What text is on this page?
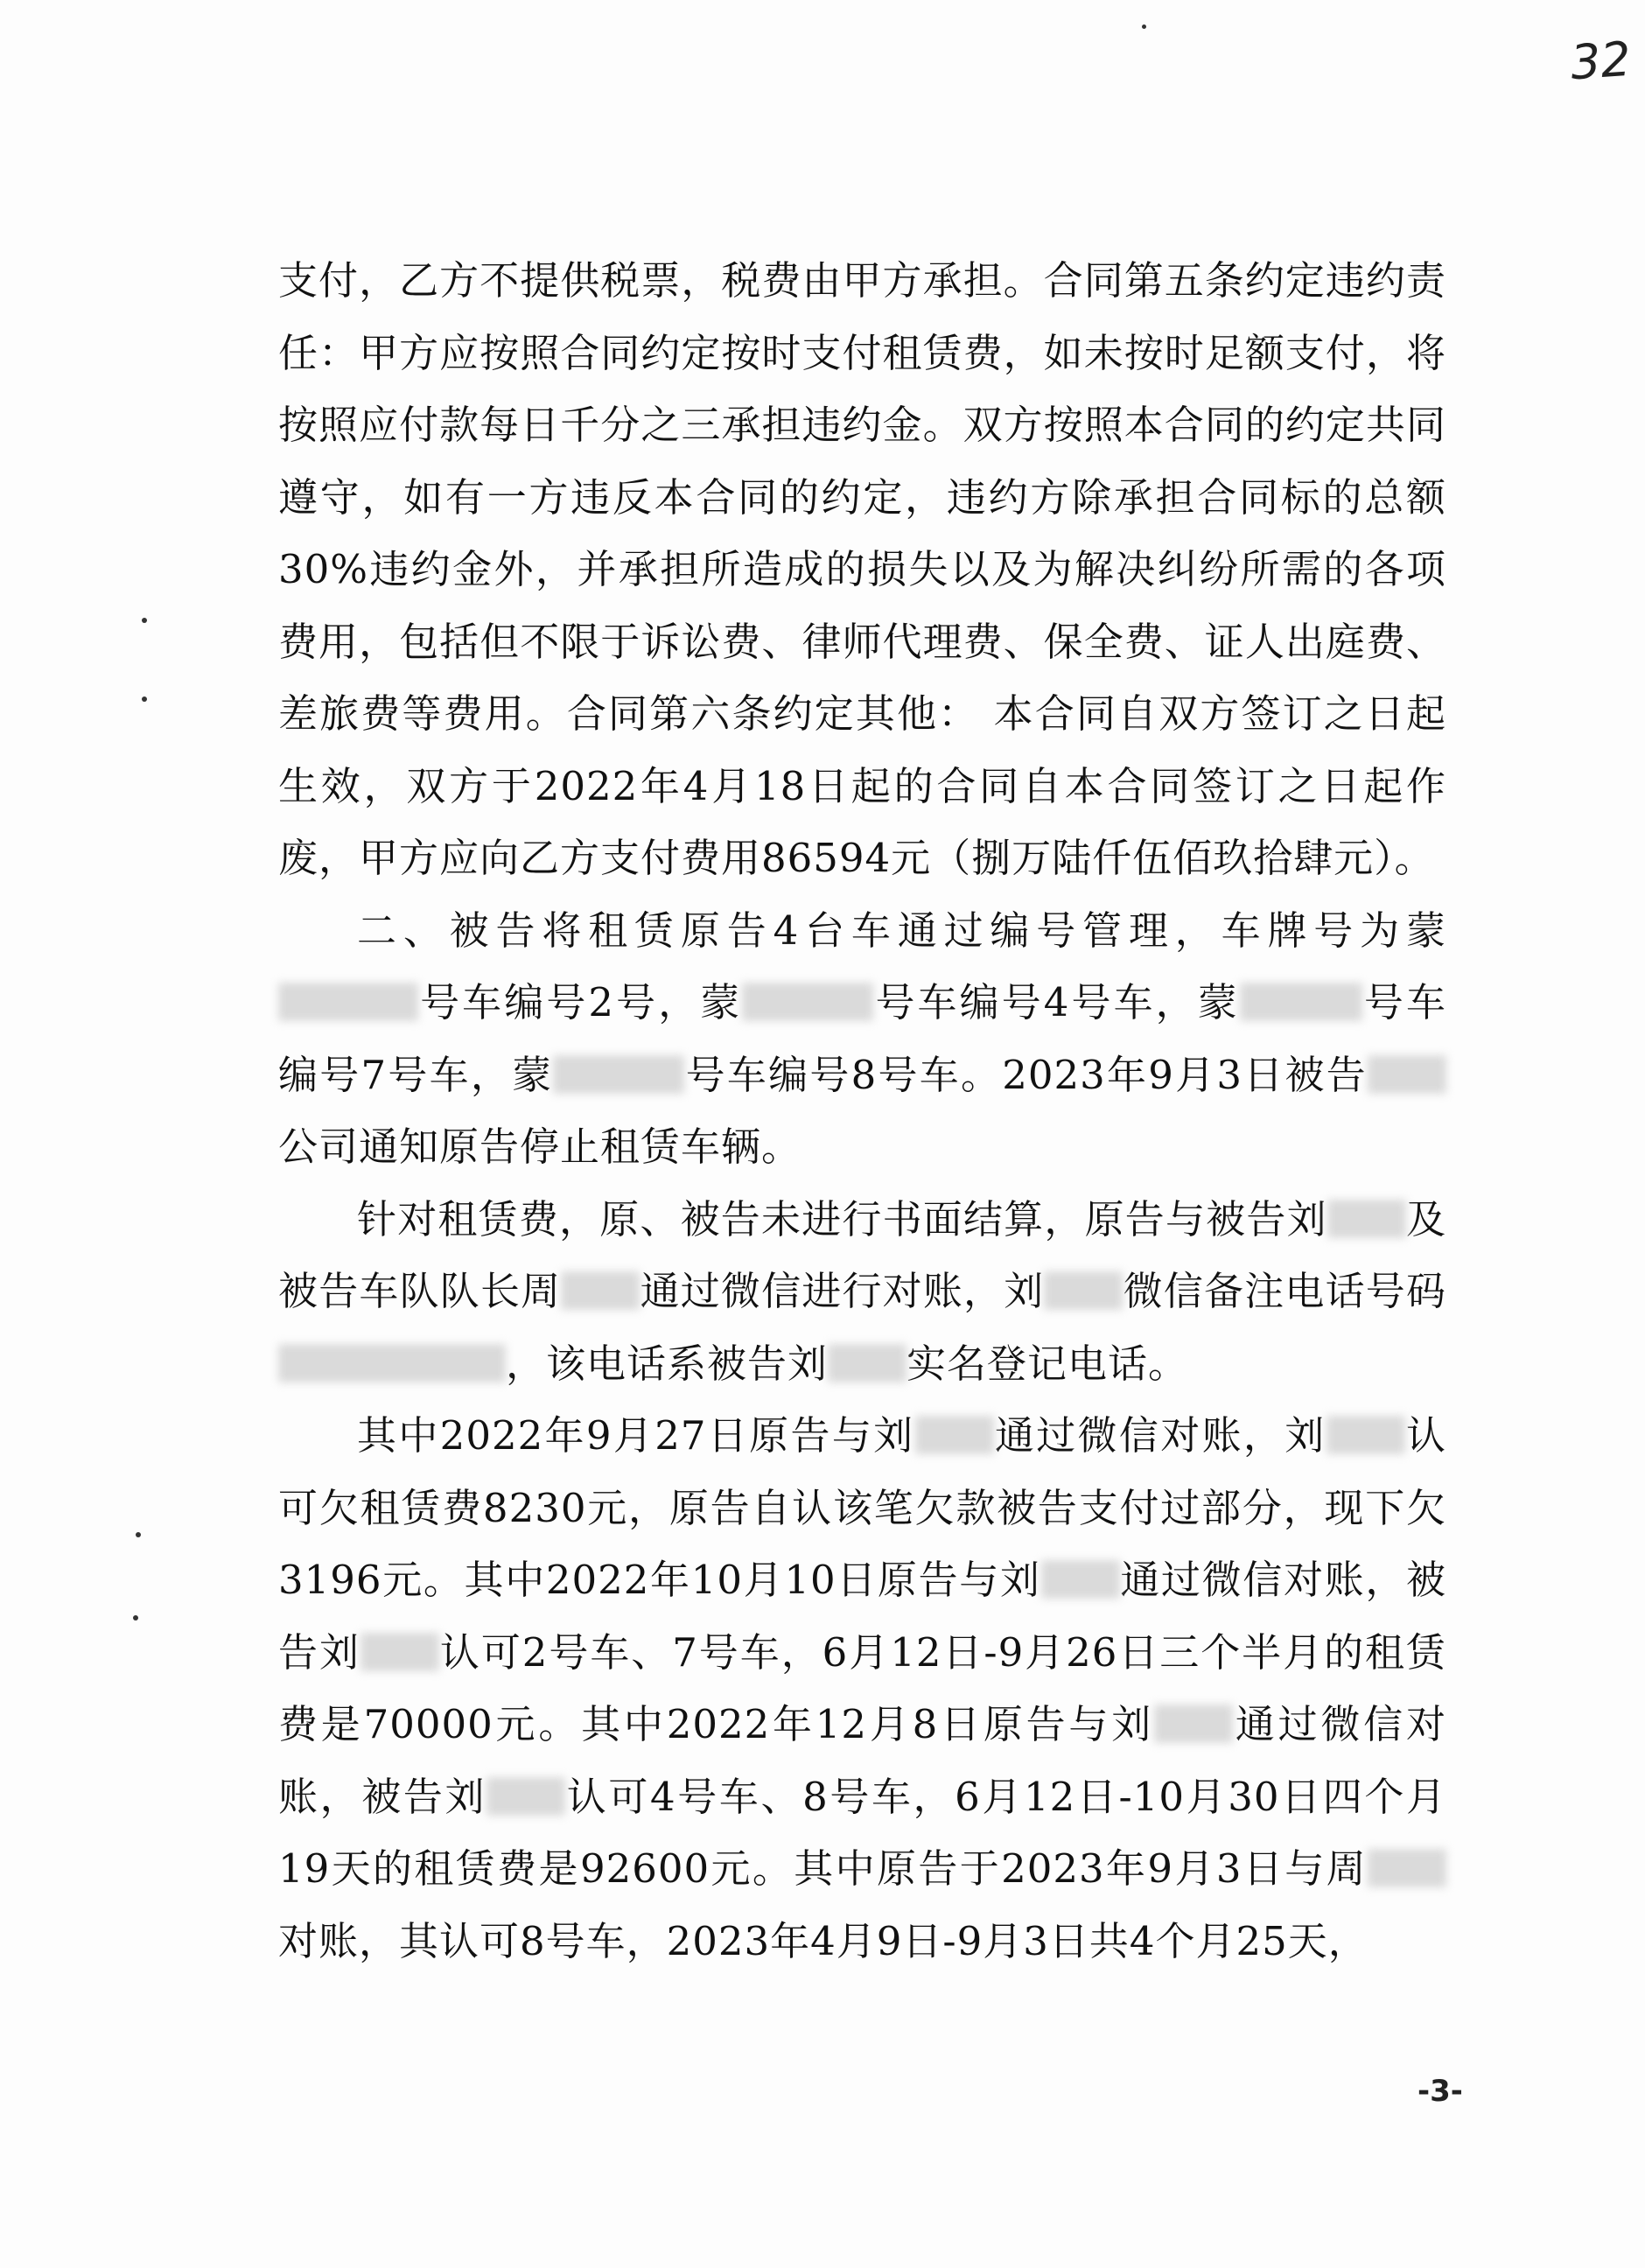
32

支付，乙方不提供税票，税费由甲方承担。合同第五条约定违约责任：甲方应按照合同约定按时支付租赁费，如未按时足额支付，将按照应付款每日千分之三承担违约金。双方按照本合同的约定共同遵守，如有一方违反本合同的约定，违约方除承担合同标的总额30%违约金外，并承担所造成的损失以及为解决纠纷所需的各项费用，包括但不限于诉讼费、律师代理费、保全费、证人出庭费、差旅费等费用。合同第六条约定其他： 本合同自双方签订之日起生效，双方于2022年4月18日起的合同自本合同签订之日起作废，甲方应向乙方支付费用86594元（捌万陆仟伍佰玖拾肆元）。

二、被告将租赁原告4台车通过编号管理，车牌号为蒙号车编号2号，蒙	号车编号4号车，蒙	号车编号7号车，蒙	号车编号8号车。2023年9月3日被告公司通知原告停止租赁车辆。

针对租赁费，原、被告未进行书面结算，原告与被告刘 及被告车队队长周 通过微信进行对账，刘 微信备注电话号码，该电话系被告刘 实名登记电话。

其中2022年9月27日原告与刘 通过微信对账，刘 认可欠租赁费8230元，原告自认该笔欠款被告支付过部分，现下欠3196元。其中2022年10月10日原告与刘 通过微信对账，被告刘 认可2号车、7号车，6月12日-9月26日三个半月的租赁费是70000元。其中2022年12月8日原告与刘 通过微信对账，被告刘 认可4号车、8号车，6月12日-10月30日四个月19天的租赁费是92600元。其中原告于2023年9月3日与周对账，其认可8号车，2023年4月9日-9月3日共4个月25天，

-3-
